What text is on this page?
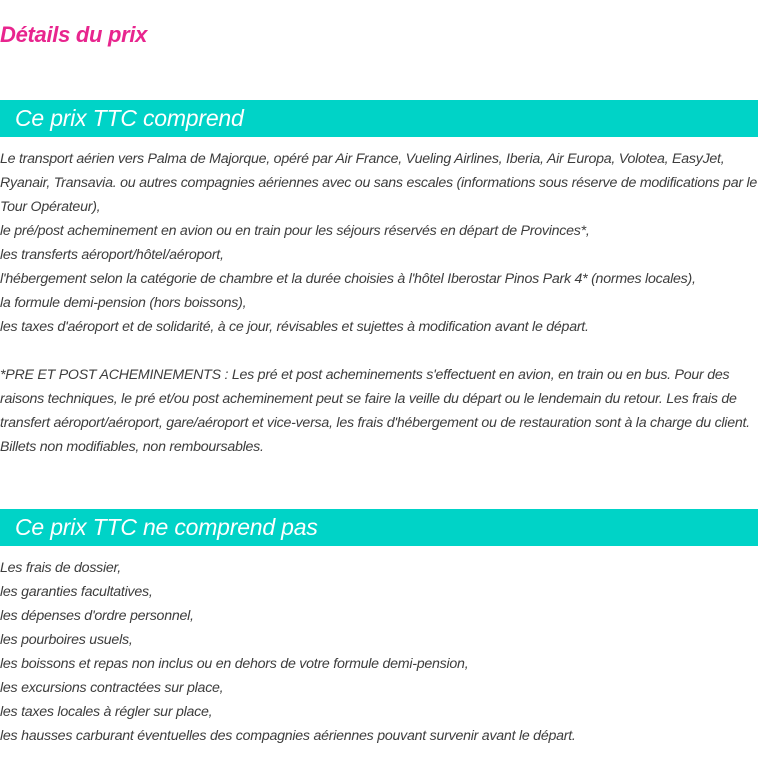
Détails du prix
Ce prix TTC comprend

Le transport aérien vers Palma de Majorque, opéré par Air France, Vueling Airlines, Iberia, Air Europa, Volotea, EasyJet, Ryanair, Transavia. ou autres compagnies aériennes avec ou sans escales (informations sous réserve de modifications par le Tour Opérateur),

le pré/post acheminement en avion ou en train pour les séjours réservés en départ de Provinces*,

les transferts aéroport/hôtel/aéroport,

l'hébergement selon la catégorie de chambre et la durée choisies à l'hôtel Iberostar Pinos Park 4* (normes locales),

la formule demi-pension (hors boissons),

les taxes d'aéroport et de solidarité, à ce jour, révisables et sujettes à modification avant le départ.

*PRE ET POST ACHEMINEMENTS : Les pré et post acheminements s'effectuent en avion, en train ou en bus. Pour des raisons techniques, le pré et/ou post acheminement peut se faire la veille du départ ou le lendemain du retour. Les frais de transfert aéroport/aéroport, gare/aéroport et vice-versa, les frais d'hébergement ou de restauration sont à la charge du client. Billets non modifiables, non remboursables.

Ce prix TTC ne comprend pas

Les frais de dossier,

les garanties facultatives,

les dépenses d'ordre personnel,

les pourboires usuels,

les boissons et repas non inclus ou en dehors de votre formule demi-pension,

les excursions contractées sur place,

les taxes locales à régler sur place,

les hausses carburant éventuelles des compagnies aériennes pouvant survenir avant le départ.
